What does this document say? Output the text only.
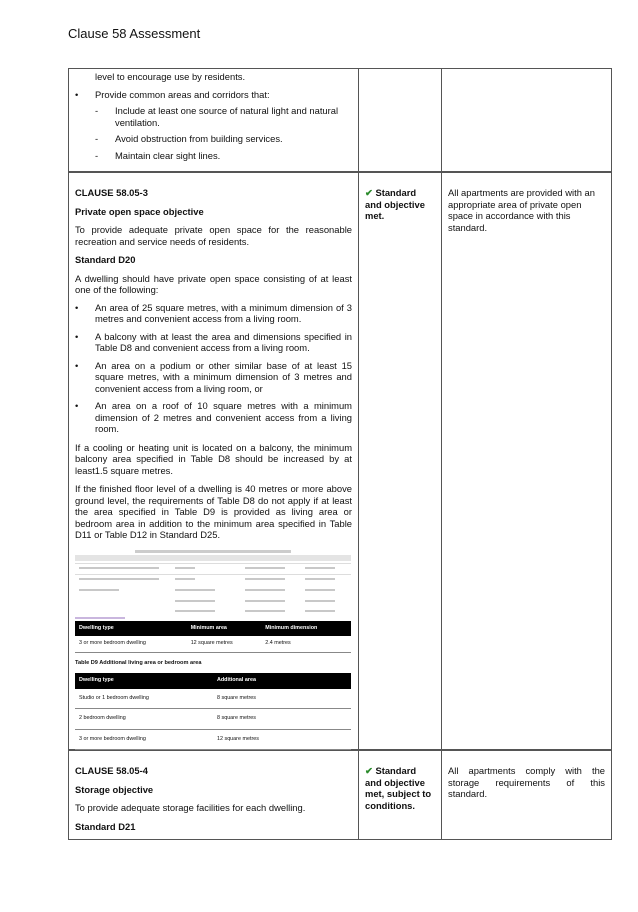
Clause 58 Assessment
level to encourage use by residents.
•	Provide common areas and corridors that:
-	Include at least one source of natural light and natural ventilation.
-	Avoid obstruction from building services.
-	Maintain clear sight lines.
CLAUSE 58.05-3
Private open space objective
To provide adequate private open space for the reasonable recreation and service needs of residents.
Standard D20
A dwelling should have private open space consisting of at least one of the following:
•	An area of 25 square metres, with a minimum dimension of 3 metres and convenient access from a living room.
•	A balcony with at least the area and dimensions specified in Table D8 and convenient access from a living room.
•	An area on a podium or other similar base of at least 15 square metres, with a minimum dimension of 3 metres and convenient access from a living room, or
•	An area on a roof of 10 square metres with a minimum dimension of 2 metres and convenient access from a living room.
If a cooling or heating unit is located on a balcony, the minimum balcony area specified in Table D8 should be increased by at least1.5 square metres.
If the finished floor level of a dwelling is 40 metres or more above ground level, the requirements of Table D8 do not apply if at least the area specified in Table D9 is provided as living area or bedroom area in addition to the minimum area specified in Table D11 or Table D12 in Standard D25.
Dwelling type	Minimum area	Minimum dimension
3 or more bedroom dwelling	12 square metres	2.4 metres
Table D9 Additional living area or bedroom area
Dwelling type	Additional area
Studio or 1 bedroom dwelling	8 square metres
2 bedroom dwelling	8 square metres
3 or more bedroom dwelling	12 square metres
✔ Standard and objective met.
All apartments are provided with an appropriate area of private open space in accordance with this standard.
CLAUSE 58.05-4
Storage objective
To provide adequate storage facilities for each dwelling.
Standard D21
✔ Standard and objective met, subject to conditions.
All apartments comply with the storage requirements of this standard.
